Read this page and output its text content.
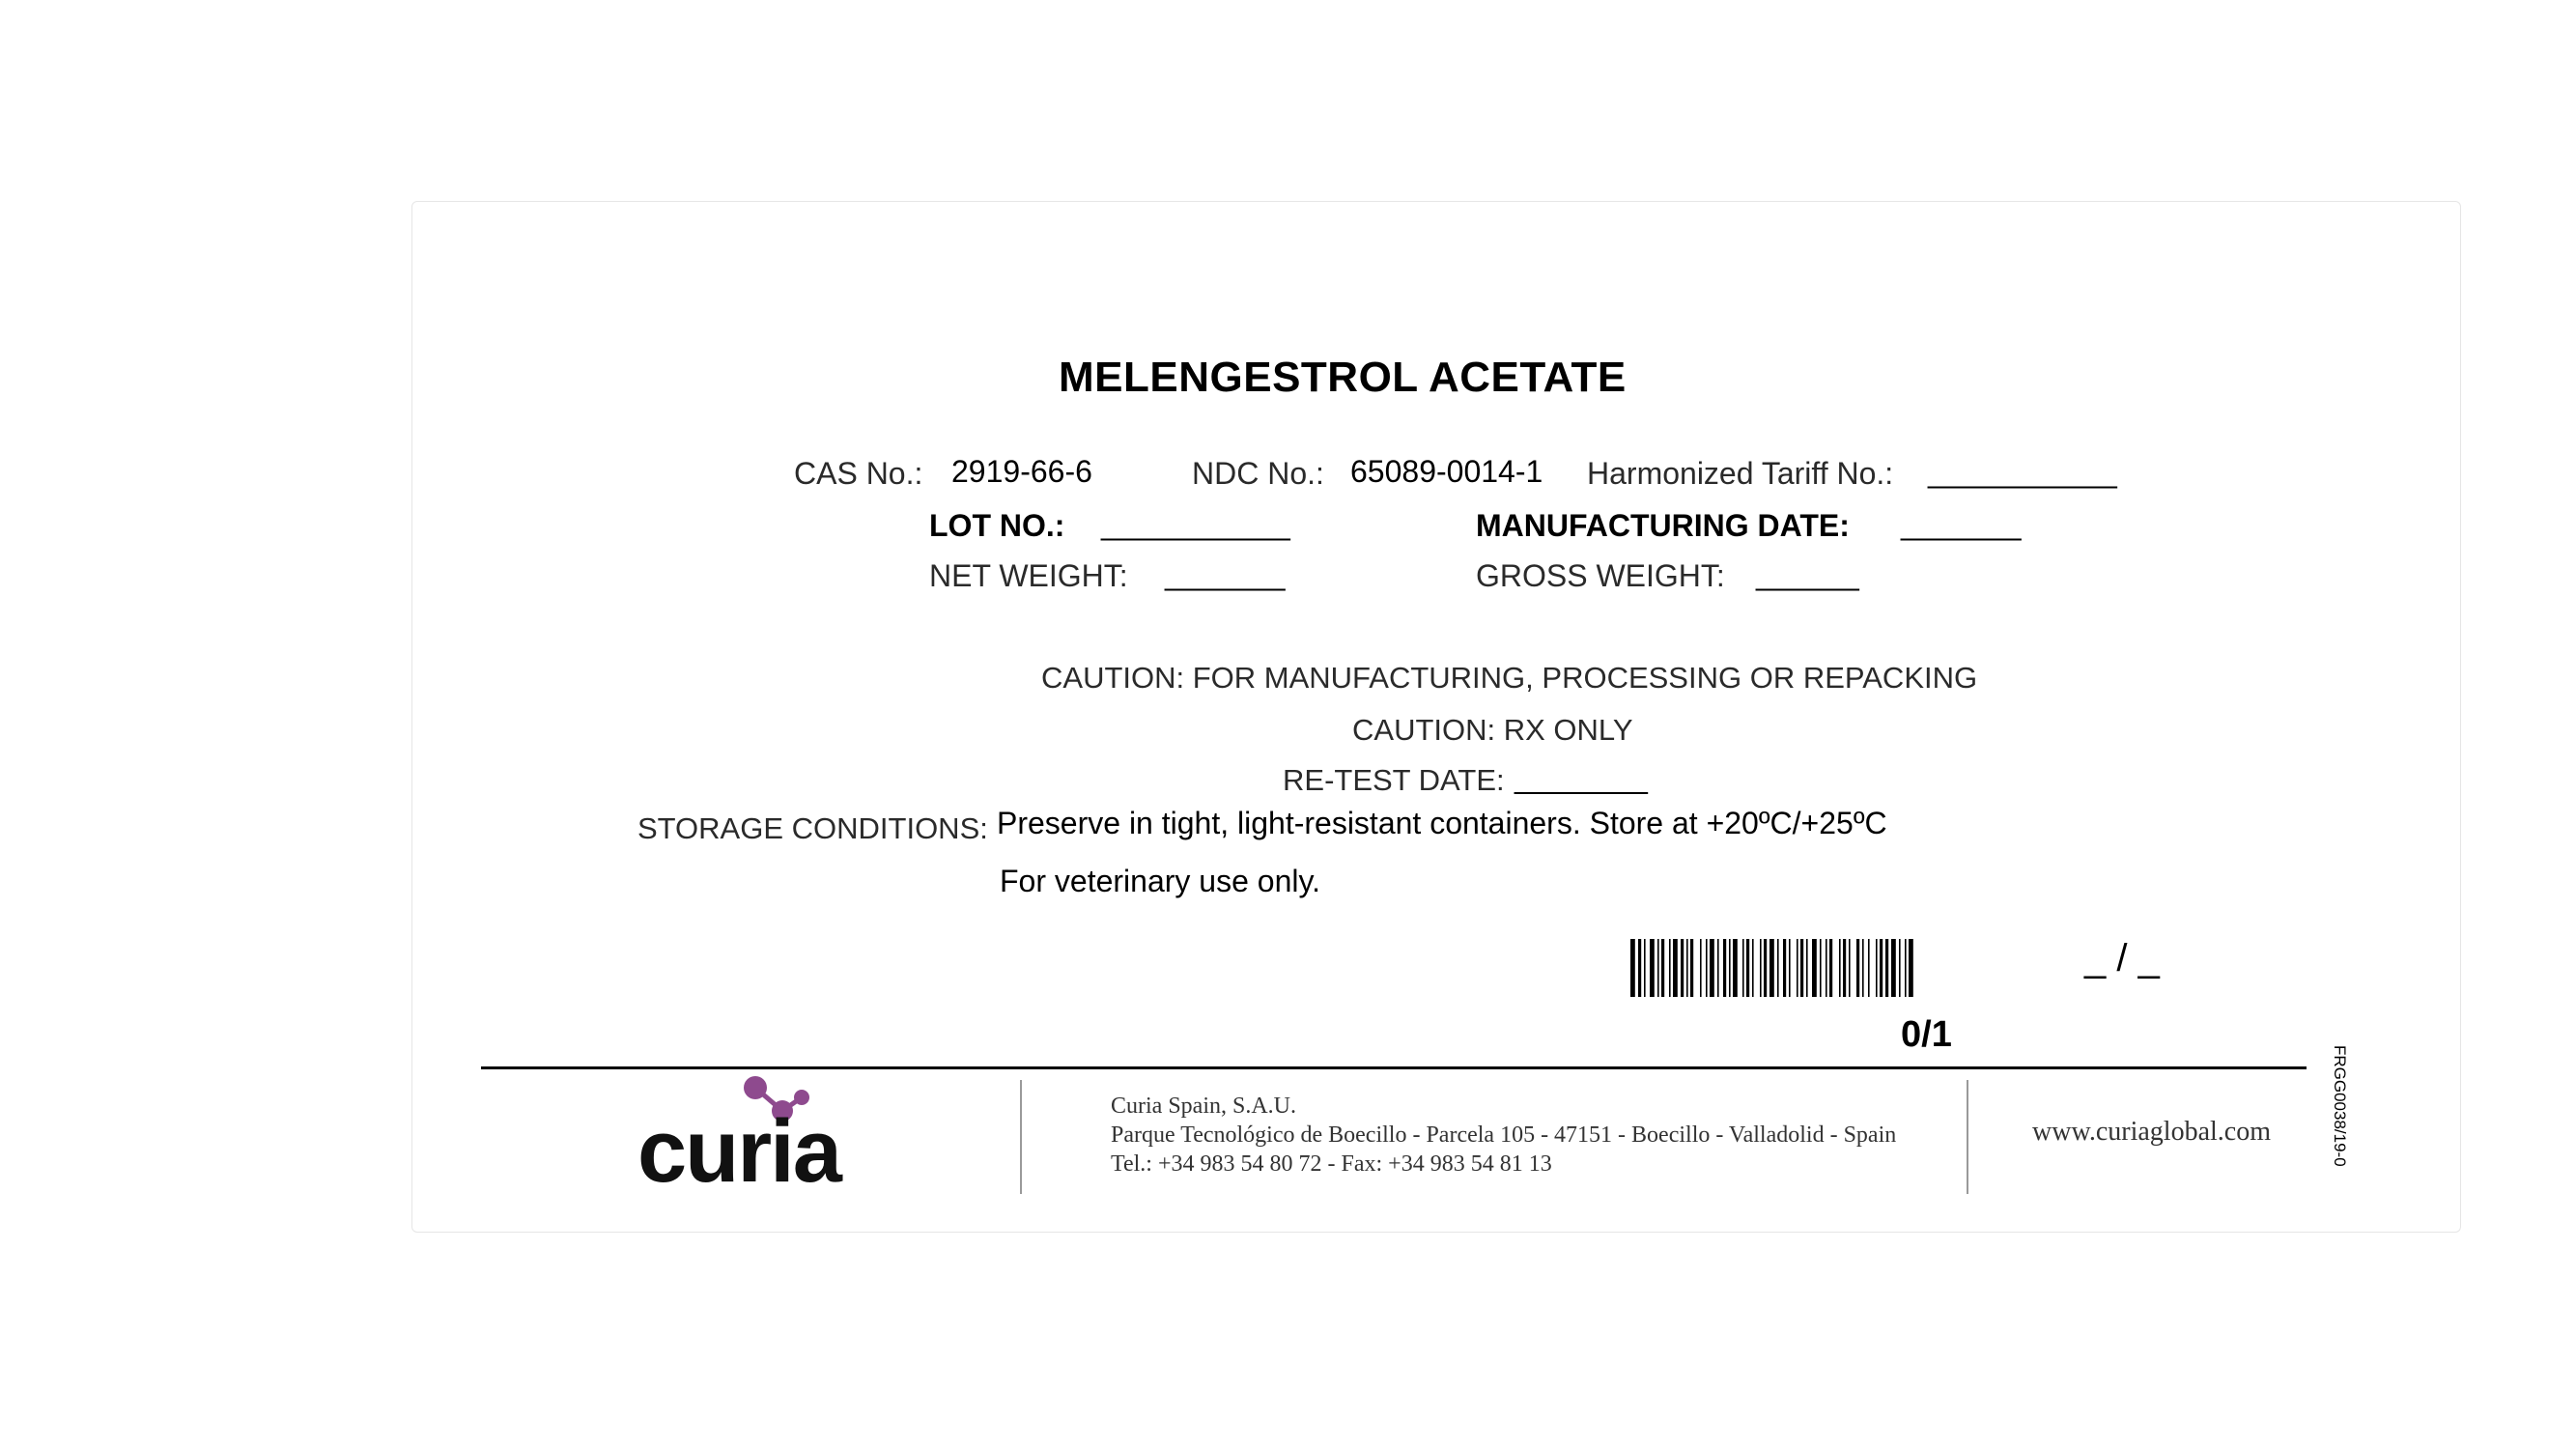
MELENGESTROL ACETATE
CAS No.: 2919-66-6	NDC No.: 65089-0014-1 Harmonized Tariff No.: ___________
LOT NO.: ___________	MANUFACTURING DATE: _______
NET WEIGHT: _______	GROSS WEIGHT: ______
CAUTION: FOR MANUFACTURING, PROCESSING OR REPACKING
CAUTION: RX ONLY
RE-TEST DATE: ________
STORAGE CONDITIONS: Preserve in tight, light-resistant containers. Store at +20ºC/+25ºC
For veterinary use only.
_ / _
0/1
curia	Curia Spain, S.A.U.
Parque Tecnológico de Boecillo - Parcela 105 - 47151 - Boecillo - Valladolid - Spain
Tel.: +34 983 54 80 72 - Fax: +34 983 54 81 13
www.curiaglobal.com	FRGG0038/19-0
